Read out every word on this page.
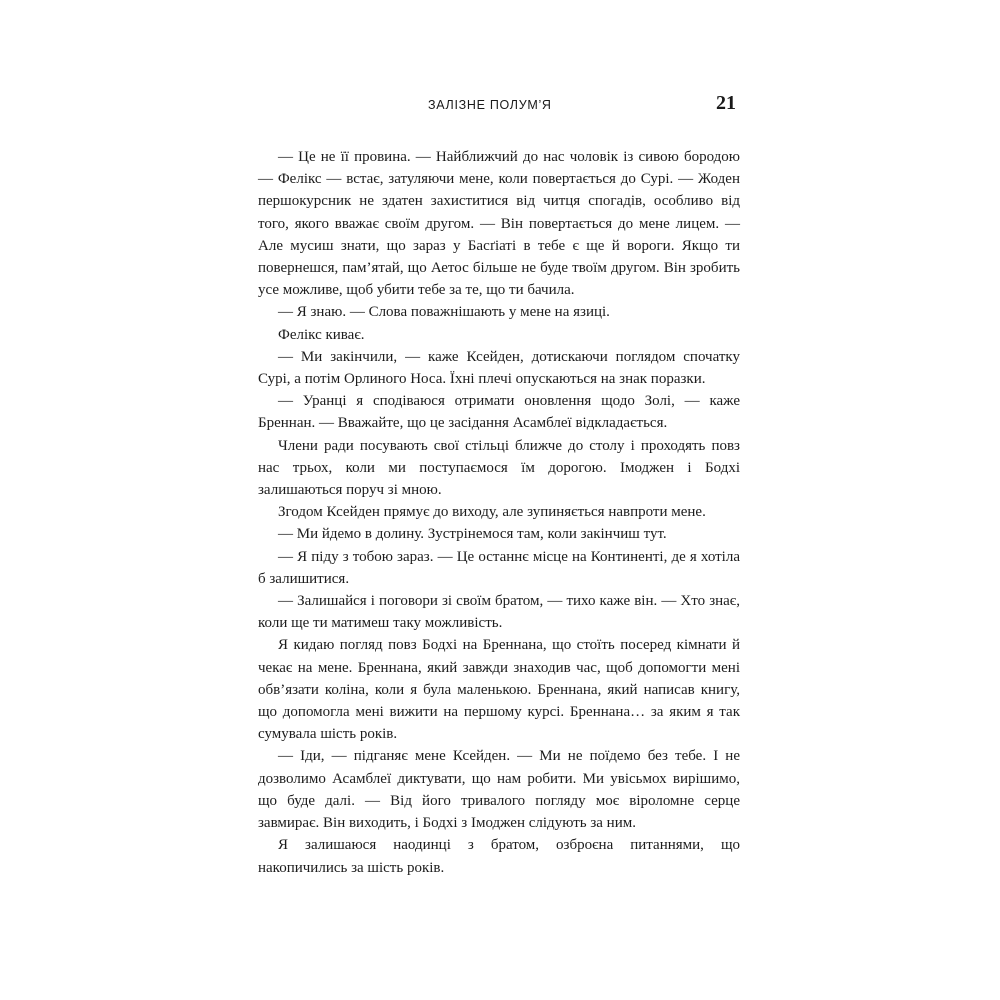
ЗАЛІЗНЕ ПОЛУМ’Я	21

— Це не її провина. — Найближчий до нас чоловік із сивою бородою — Фелікс — встає, затуляючи мене, коли повертається до Сурі. — Жоден першокурсник не здатен захиститися від читця спогадів, особливо від того, якого вважає своїм другом. — Він повертається до мене лицем. — Але мусиш знати, що зараз у Басґіаті в тебе є ще й вороги. Якщо ти повернешся, пам’ятай, що Аетос більше не буде твоїм другом. Він зробить усе можливе, щоб убити тебе за те, що ти бачила.

— Я знаю. — Слова поважнішають у мене на язиці.

Фелікс киває.

— Ми закінчили, — каже Ксейден, дотискаючи поглядом спочатку Сурі, а потім Орлиного Носа. Їхні плечі опускаються на знак поразки.

— Уранці я сподіваюся отримати оновлення щодо Золі, — каже Бреннан. — Вважайте, що це засідання Асамблеї відкладається.

Члени ради посувають свої стільці ближче до столу і проходять повз нас трьох, коли ми поступаємося їм дорогою. Імоджен і Бодхі залишаються поруч зі мною.

Згодом Ксейден прямує до виходу, але зупиняється навпроти мене.

— Ми йдемо в долину. Зустрінемося там, коли закінчиш тут.

— Я піду з тобою зараз. — Це останнє місце на Континенті, де я хотіла б залишитися.

— Залишайся і поговори зі своїм братом, — тихо каже він. — Хто знає, коли ще ти матимеш таку можливість.

Я кидаю погляд повз Бодхі на Бреннана, що стоїть посеред кімнати й чекає на мене. Бреннана, який завжди знаходив час, щоб допомогти мені обв’язати коліна, коли я була маленькою. Бреннана, який написав книгу, що допомогла мені вижити на першому курсі. Бреннана… за яким я так сумувала шість років.

— Іди, — підганяє мене Ксейден. — Ми не поїдемо без тебе. І не дозволимо Асамблеї диктувати, що нам робити. Ми увісьмох вирішимо, що буде далі. — Від його тривалого погляду моє віроломне серце завмирає. Він виходить, і Бодхі з Імоджен слідують за ним.

Я залишаюся наодинці з братом, озброєна питаннями, що накопичились за шість років.
